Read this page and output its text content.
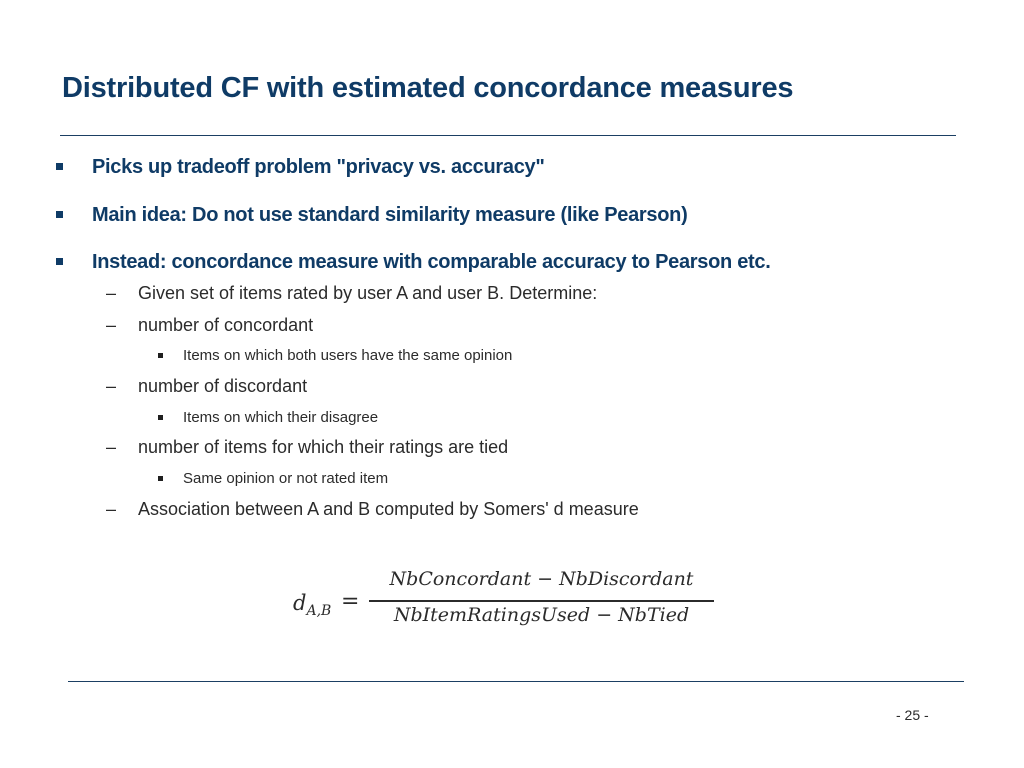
Distributed CF with estimated concordance measures
Picks up tradeoff problem "privacy vs. accuracy"
Main idea: Do not use standard similarity measure (like Pearson)
Instead: concordance measure with comparable accuracy to Pearson etc.
– Given set of items rated by user A and user B. Determine:
– number of concordant
Items on which both users have the same opinion
– number of discordant
Items on which their disagree
– number of items for which their ratings are tied
Same opinion or not rated item
– Association between A and B computed by Somers' d measure
$d_{A,B}$ =
NbConcordant − NbDiscordant
NbItemRatingsUsed − NbTied
- 25 -
